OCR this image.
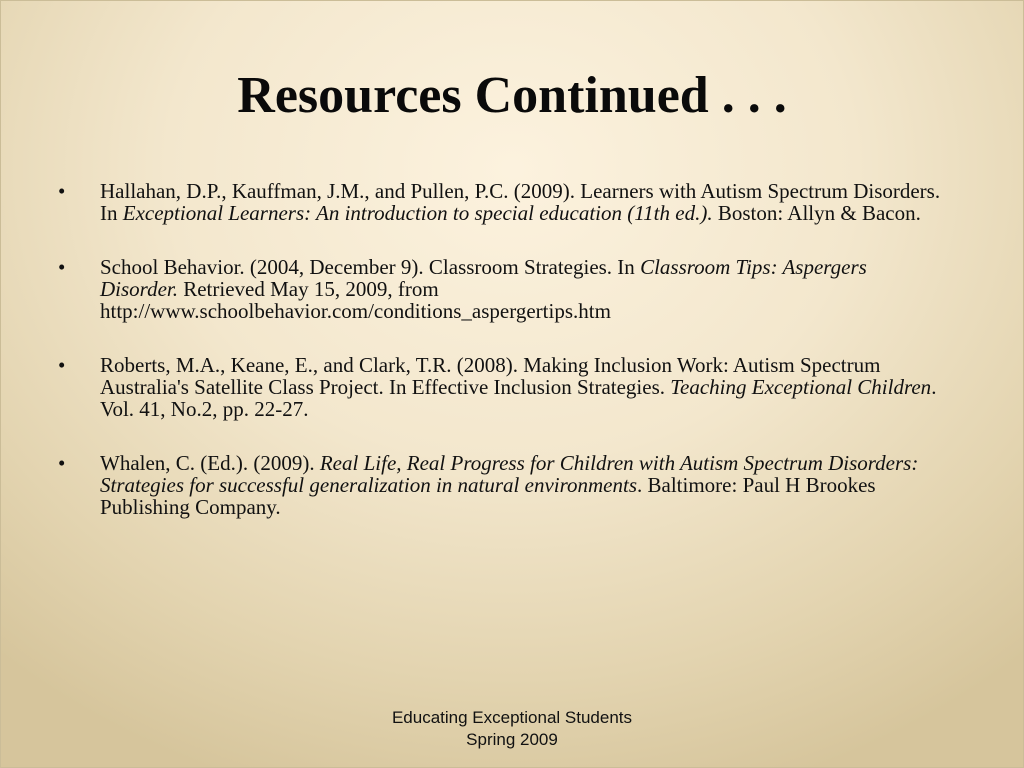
Resources Continued . . .
•	Hallahan, D.P., Kauffman, J.M., and Pullen, P.C. (2009). Learners with Autism Spectrum Disorders. In Exceptional Learners: An introduction to special education (11th ed.). Boston: Allyn & Bacon.
•	School Behavior. (2004, December 9). Classroom Strategies. In Classroom Tips: Aspergers Disorder. Retrieved May 15, 2009, from http://www.schoolbehavior.com/conditions_aspergertips.htm
•	Roberts, M.A., Keane, E., and Clark, T.R. (2008). Making Inclusion Work: Autism Spectrum Australia's Satellite Class Project. In Effective Inclusion Strategies. Teaching Exceptional Children. Vol. 41, No.2, pp. 22-27.
•	Whalen, C. (Ed.). (2009). Real Life, Real Progress for Children with Autism Spectrum Disorders: Strategies for successful generalization in natural environments. Baltimore: Paul H Brookes Publishing Company.
Educating Exceptional Students
Spring 2009
